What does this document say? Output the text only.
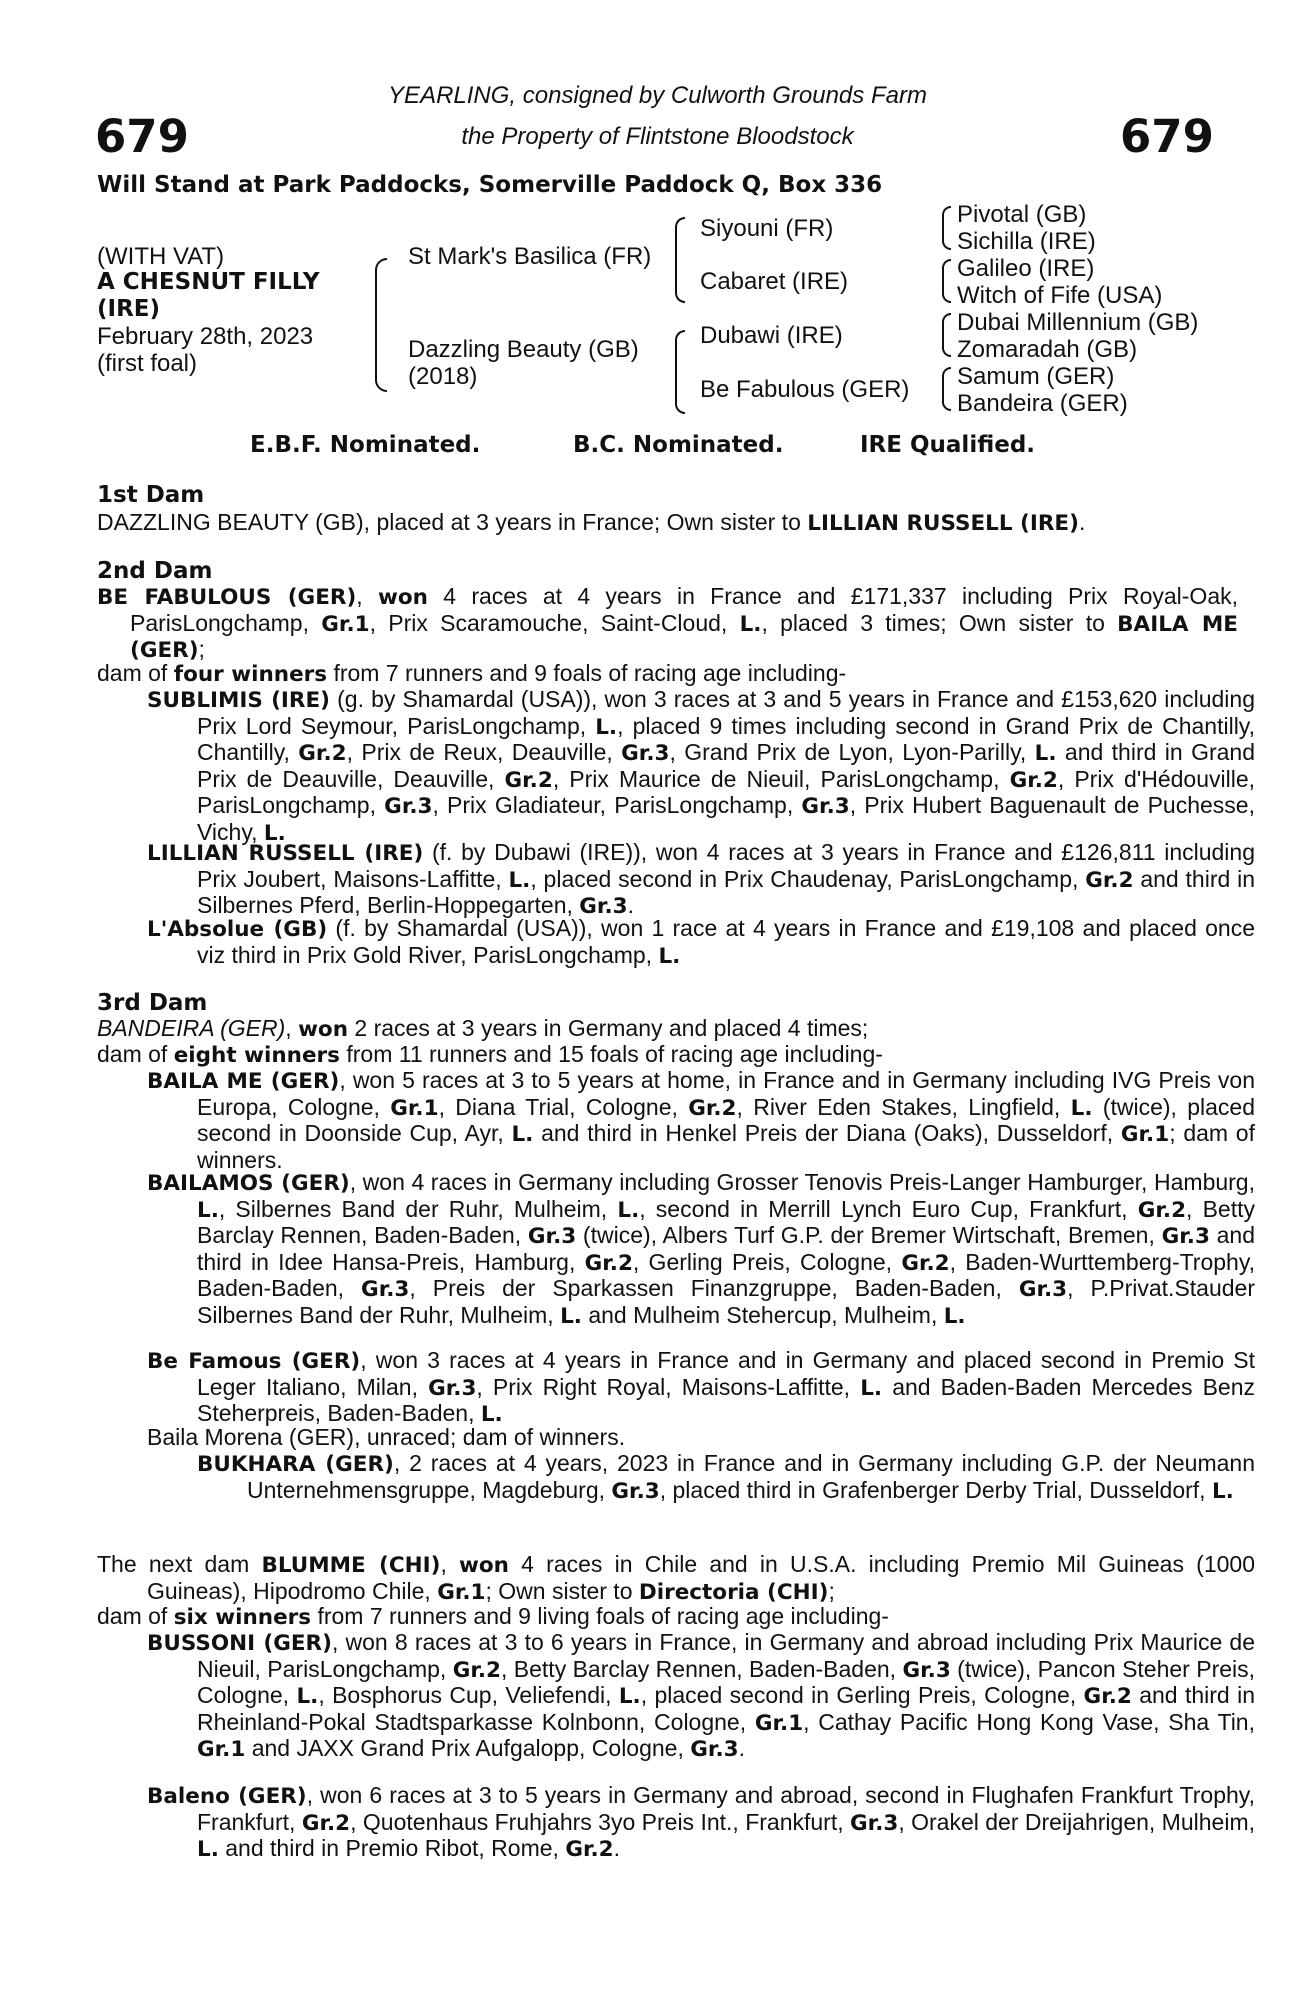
679	679
YEARLING, consigned by Culworth Grounds Farm
the Property of Flintstone Bloodstock
Will Stand at Park Paddocks, Somerville Paddock Q, Box 336
(WITH VAT)
A CHESNUT FILLY
(IRE)
February 28th, 2023
(first foal)
St Mark's Basilica (FR)
Dazzling Beauty (GB)
(2018)
Siyouni (FR)
Cabaret (IRE)
Dubawi (IRE)
Be Fabulous (GER)
Pivotal (GB)
Sichilla (IRE)
Galileo (IRE)
Witch of Fife (USA)
Dubai Millennium (GB)
Zomaradah (GB)
Samum (GER)
Bandeira (GER)
E.B.F. Nominated.	B.C. Nominated.	IRE Qualified.
1st Dam
DAZZLING BEAUTY (GB), placed at 3 years in France; Own sister to LILLIAN RUSSELL (IRE).
2nd Dam
BE FABULOUS (GER), won 4 races at 4 years in France and £171,337 including Prix Royal-Oak, ParisLongchamp, Gr.1, Prix Scaramouche, Saint-Cloud, L., placed 3 times; Own sister to BAILA ME (GER);
dam of four winners from 7 runners and 9 foals of racing age including-
SUBLIMIS (IRE) (g. by Shamardal (USA)), won 3 races at 3 and 5 years in France and £153,620 including Prix Lord Seymour, ParisLongchamp, L., placed 9 times including second in Grand Prix de Chantilly, Chantilly, Gr.2, Prix de Reux, Deauville, Gr.3, Grand Prix de Lyon, Lyon-Parilly, L. and third in Grand Prix de Deauville, Deauville, Gr.2, Prix Maurice de Nieuil, ParisLongchamp, Gr.2, Prix d'Hédouville, ParisLongchamp, Gr.3, Prix Gladiateur, ParisLongchamp, Gr.3, Prix Hubert Baguenault de Puchesse, Vichy, L.
LILLIAN RUSSELL (IRE) (f. by Dubawi (IRE)), won 4 races at 3 years in France and £126,811 including Prix Joubert, Maisons-Laffitte, L., placed second in Prix Chaudenay, ParisLongchamp, Gr.2 and third in Silbernes Pferd, Berlin-Hoppegarten, Gr.3.
L'Absolue (GB) (f. by Shamardal (USA)), won 1 race at 4 years in France and £19,108 and placed once viz third in Prix Gold River, ParisLongchamp, L.
3rd Dam
BANDEIRA (GER), won 2 races at 3 years in Germany and placed 4 times;
dam of eight winners from 11 runners and 15 foals of racing age including-
BAILA ME (GER), won 5 races at 3 to 5 years at home, in France and in Germany including IVG Preis von Europa, Cologne, Gr.1, Diana Trial, Cologne, Gr.2, River Eden Stakes, Lingfield, L. (twice), placed second in Doonside Cup, Ayr, L. and third in Henkel Preis der Diana (Oaks), Dusseldorf, Gr.1; dam of winners.
BAILAMOS (GER), won 4 races in Germany including Grosser Tenovis Preis-Langer Hamburger, Hamburg, L., Silbernes Band der Ruhr, Mulheim, L., second in Merrill Lynch Euro Cup, Frankfurt, Gr.2, Betty Barclay Rennen, Baden-Baden, Gr.3 (twice), Albers Turf G.P. der Bremer Wirtschaft, Bremen, Gr.3 and third in Idee Hansa-Preis, Hamburg, Gr.2, Gerling Preis, Cologne, Gr.2, Baden-Wurttemberg-Trophy, Baden-Baden, Gr.3, Preis der Sparkassen Finanzgruppe, Baden-Baden, Gr.3, P.Privat.Stauder Silbernes Band der Ruhr, Mulheim, L. and Mulheim Stehercup, Mulheim, L.
Be Famous (GER), won 3 races at 4 years in France and in Germany and placed second in Premio St Leger Italiano, Milan, Gr.3, Prix Right Royal, Maisons-Laffitte, L. and Baden-Baden Mercedes Benz Steherpreis, Baden-Baden, L.
Baila Morena (GER), unraced; dam of winners.
BUKHARA (GER), 2 races at 4 years, 2023 in France and in Germany including G.P. der Neumann Unternehmensgruppe, Magdeburg, Gr.3, placed third in Grafenberger Derby Trial, Dusseldorf, L.
The next dam BLUMME (CHI), won 4 races in Chile and in U.S.A. including Premio Mil Guineas (1000 Guineas), Hipodromo Chile, Gr.1; Own sister to Directoria (CHI);
dam of six winners from 7 runners and 9 living foals of racing age including-
BUSSONI (GER), won 8 races at 3 to 6 years in France, in Germany and abroad including Prix Maurice de Nieuil, ParisLongchamp, Gr.2, Betty Barclay Rennen, Baden-Baden, Gr.3 (twice), Pancon Steher Preis, Cologne, L., Bosphorus Cup, Veliefendi, L., placed second in Gerling Preis, Cologne, Gr.2 and third in Rheinland-Pokal Stadtsparkasse Kolnbonn, Cologne, Gr.1, Cathay Pacific Hong Kong Vase, Sha Tin, Gr.1 and JAXX Grand Prix Aufgalopp, Cologne, Gr.3.
Baleno (GER), won 6 races at 3 to 5 years in Germany and abroad, second in Flughafen Frankfurt Trophy, Frankfurt, Gr.2, Quotenhaus Fruhjahrs 3yo Preis Int., Frankfurt, Gr.3, Orakel der Dreijahrigen, Mulheim, L. and third in Premio Ribot, Rome, Gr.2.
